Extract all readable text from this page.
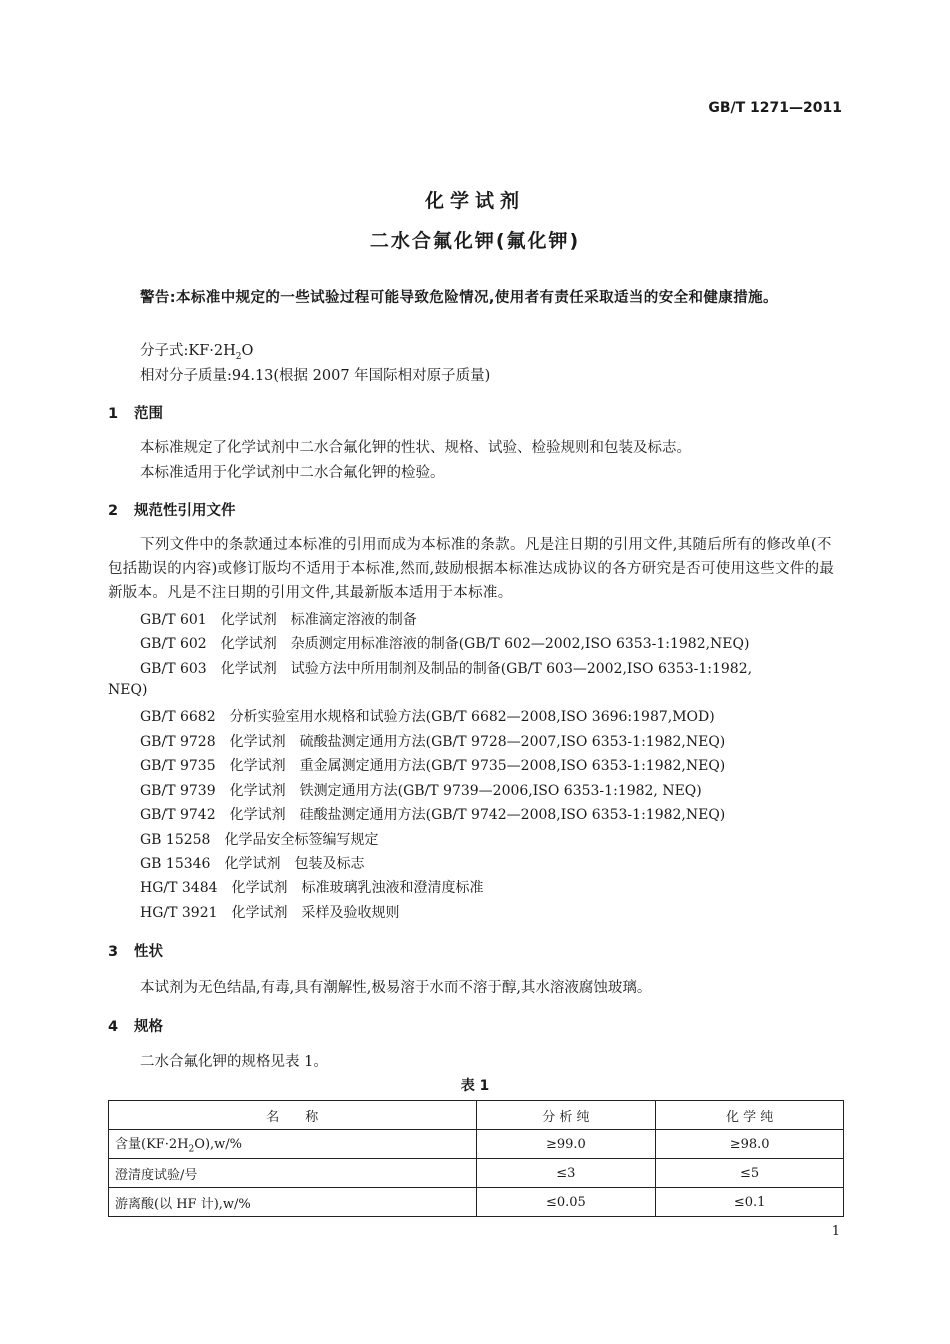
GB/T 1271—2011
化学试剂
二水合氟化钾(氟化钾)
警告:本标准中规定的一些试验过程可能导致危险情况,使用者有责任采取适当的安全和健康措施。
分子式$:KF\cdot 2H_2O$
相对分子质量:94.13(根据 2007 年国际相对原子质量)
1 范围
本标准规定了化学试剂中二水合氟化钾的性状、规格、试验、检验规则和包装及标志。
本标准适用于化学试剂中二水合氟化钾的检验。
2 规范性引用文件
下列文件中的条款通过本标准的引用而成为本标准的条款。凡是注日期的引用文件,其随后所有的修改单(不包括勘误的内容)或修订版均不适用于本标准,然而,鼓励根据本标准达成协议的各方研究是否可使用这些文件的最新版本。凡是不注日期的引用文件,其最新版本适用于本标准。
GB/T 601　化学试剂　标准滴定溶液的制备
GB/T 602　化学试剂　杂质测定用标准溶液的制备(GB/T 602—2002,ISO 6353-1:1982,NEQ)
GB/T 603　化学试剂　试验方法中所用制剂及制品的制备(GB/T 603—2002,ISO 6353-1:1982,
NEQ)
GB/T 6682　分析实验室用水规格和试验方法(GB/T 6682—2008,ISO 3696:1987,MOD)
GB/T 9728　化学试剂　硫酸盐测定通用方法(GB/T 9728—2007,ISO 6353-1:1982,NEQ)
GB/T 9735　化学试剂　重金属测定通用方法(GB/T 9735—2008,ISO 6353-1:1982,NEQ)
GB/T 9739　化学试剂　铁测定通用方法(GB/T 9739—2006,ISO 6353-1:1982, NEQ)
GB/T 9742　化学试剂　硅酸盐测定通用方法(GB/T 9742—2008,ISO 6353-1:1982,NEQ)
GB 15258　化学品安全标签编写规定
GB 15346　化学试剂　包装及标志
HG/T 3484　化学试剂　标准玻璃乳浊液和澄清度标准
HG/T 3921　化学试剂　采样及验收规则
3 性状
本试剂为无色结晶,有毒,具有潮解性,极易溶于水而不溶于醇,其水溶液腐蚀玻璃。
4 规格
二水合氟化钾的规格见表 1。
表 1
名　　称	分 析 纯	化 学 纯
含量$(KF\cdot 2H_2O),w/\%$	≥99.0	≥98.0
澄清度试验/号	≤3	≤5
游离酸(以 HF 计),w/%	≤0.05	≤0.1
1
